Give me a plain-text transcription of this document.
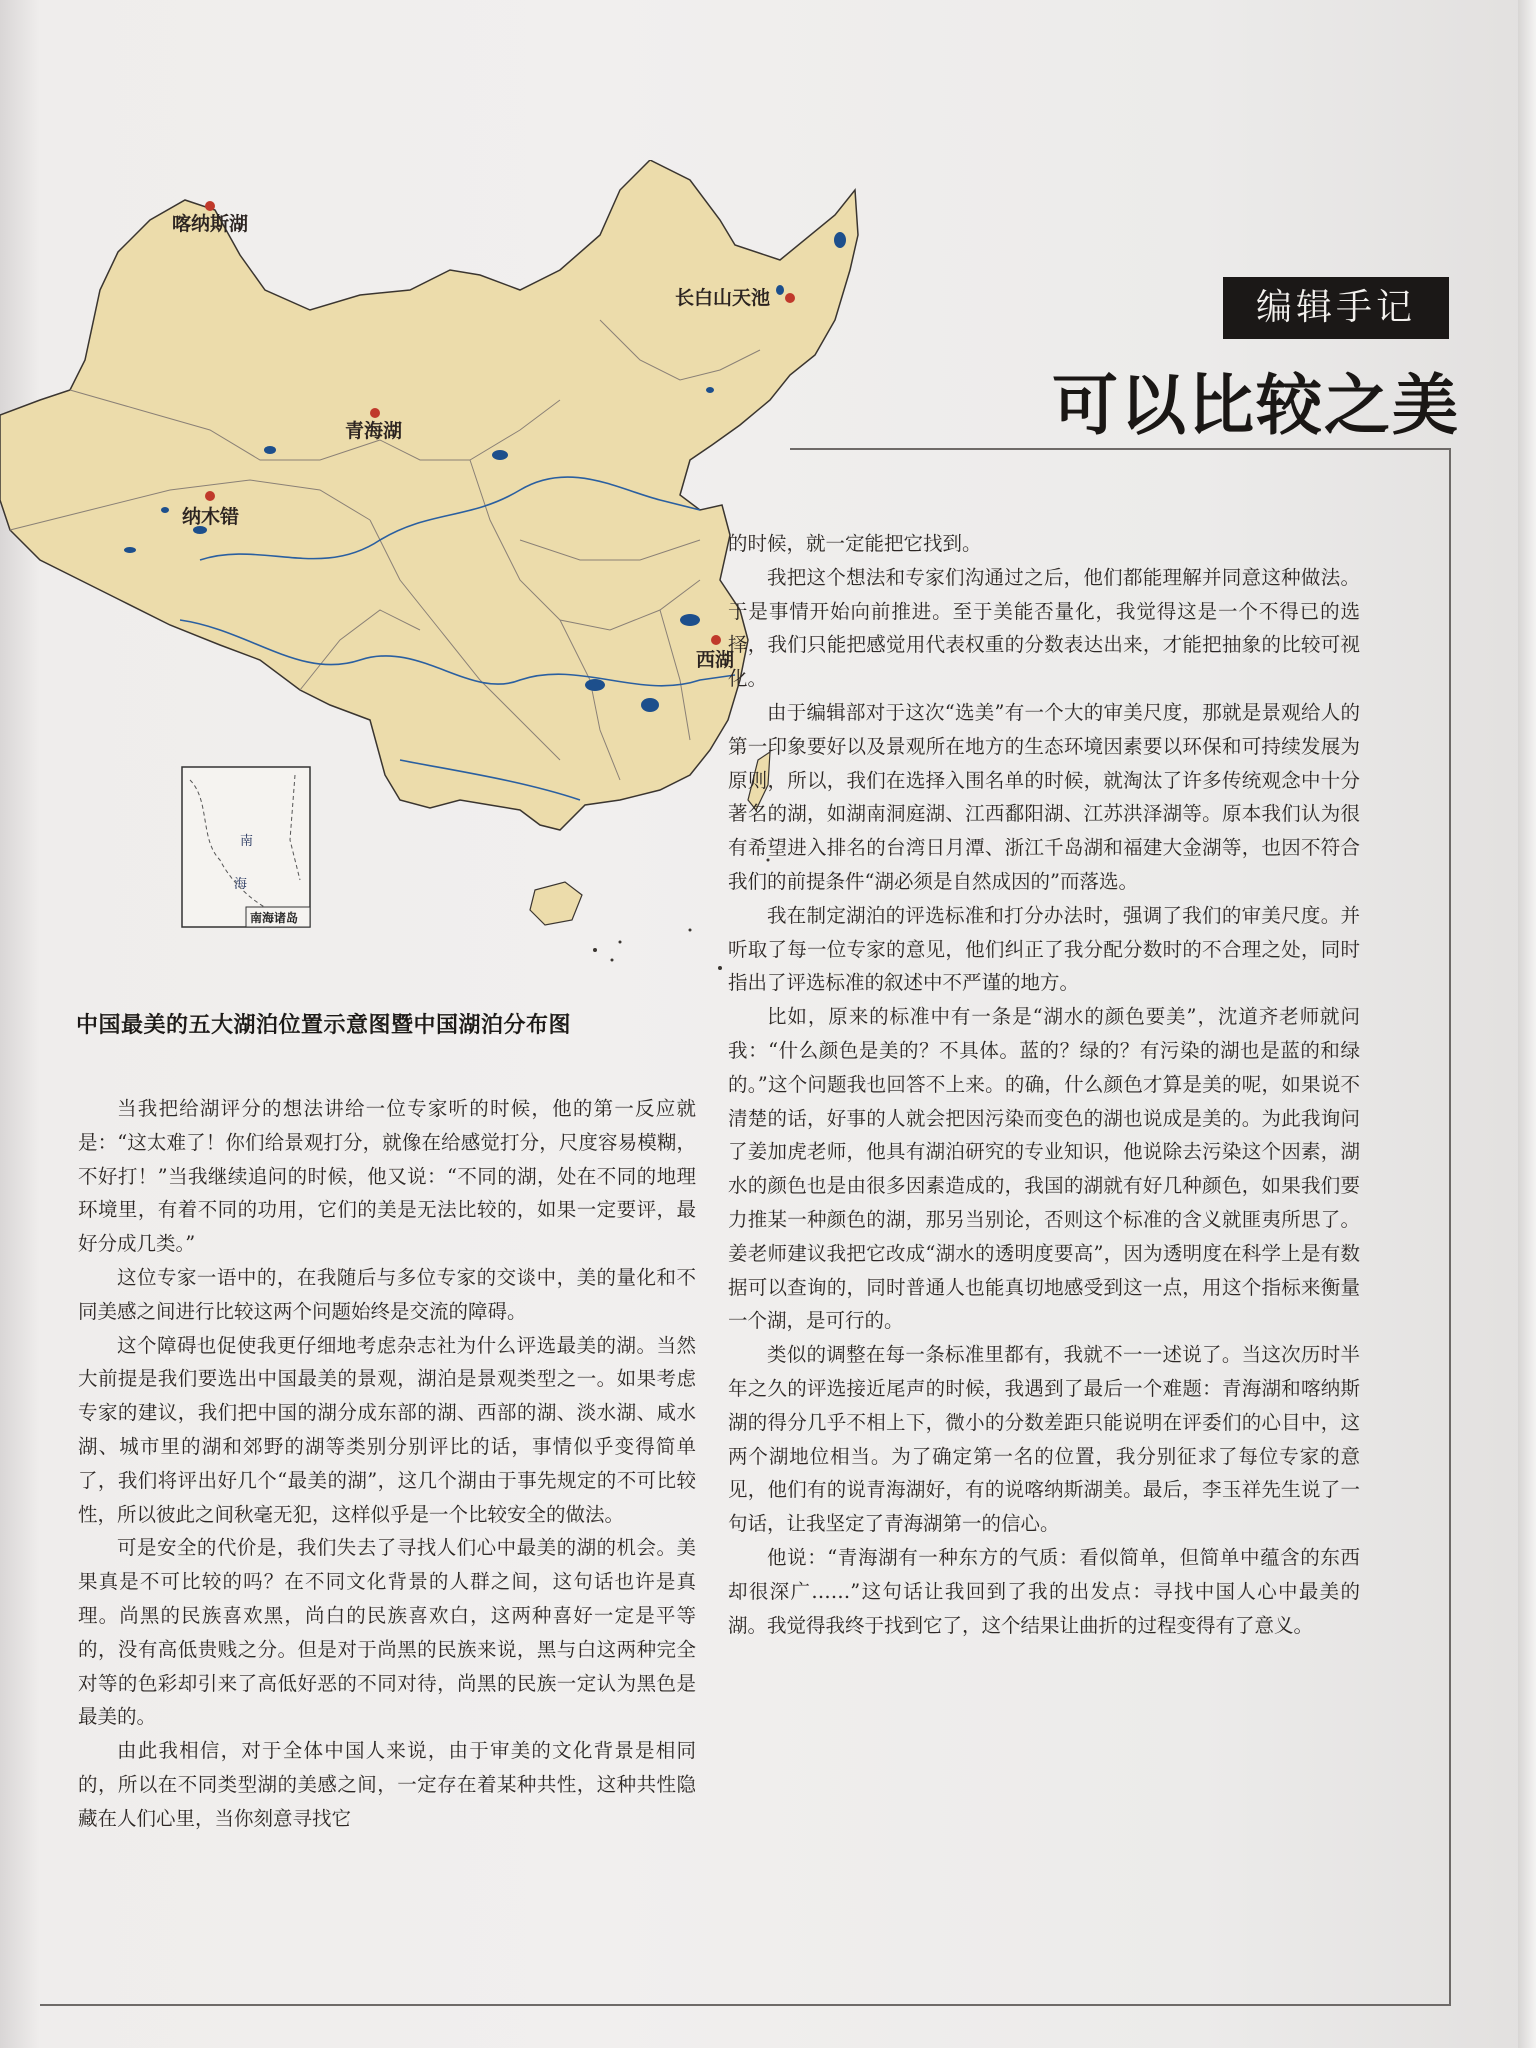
喀纳斯湖
长白山天池
青海湖
纳木错
西湖
南
海
南海诸岛
中国最美的五大湖泊位置示意图暨中国湖泊分布图
编辑手记
可以比较之美

当我把给湖评分的想法讲给一位专家听的时候，他的第一反应就是：“这太难了！你们给景观打分，就像在给感觉打分，尺度容易模糊，不好打！”当我继续追问的时候，他又说：“不同的湖，处在不同的地理环境里，有着不同的功用，它们的美是无法比较的，如果一定要评，最好分成几类。”

这位专家一语中的，在我随后与多位专家的交谈中，美的量化和不同美感之间进行比较这两个问题始终是交流的障碍。

这个障碍也促使我更仔细地考虑杂志社为什么评选最美的湖。当然大前提是我们要选出中国最美的景观，湖泊是景观类型之一。如果考虑专家的建议，我们把中国的湖分成东部的湖、西部的湖、淡水湖、咸水湖、城市里的湖和郊野的湖等类别分别评比的话，事情似乎变得简单了，我们将评出好几个“最美的湖”，这几个湖由于事先规定的不可比较性，所以彼此之间秋毫无犯，这样似乎是一个比较安全的做法。

可是安全的代价是，我们失去了寻找人们心中最美的湖的机会。美果真是不可比较的吗？在不同文化背景的人群之间，这句话也许是真理。尚黑的民族喜欢黑，尚白的民族喜欢白，这两种喜好一定是平等的，没有高低贵贱之分。但是对于尚黑的民族来说，黑与白这两种完全对等的色彩却引来了高低好恶的不同对待，尚黑的民族一定认为黑色是最美的。

由此我相信，对于全体中国人来说，由于审美的文化背景是相同的，所以在不同类型湖的美感之间，一定存在着某种共性，这种共性隐藏在人们心里，当你刻意寻找它

的时候，就一定能把它找到。

我把这个想法和专家们沟通过之后，他们都能理解并同意这种做法。于是事情开始向前推进。至于美能否量化，我觉得这是一个不得已的选择，我们只能把感觉用代表权重的分数表达出来，才能把抽象的比较可视化。

由于编辑部对于这次“选美”有一个大的审美尺度，那就是景观给人的第一印象要好以及景观所在地方的生态环境因素要以环保和可持续发展为原则，所以，我们在选择入围名单的时候，就淘汰了许多传统观念中十分著名的湖，如湖南洞庭湖、江西鄱阳湖、江苏洪泽湖等。原本我们认为很有希望进入排名的台湾日月潭、浙江千岛湖和福建大金湖等，也因不符合我们的前提条件“湖必须是自然成因的”而落选。

我在制定湖泊的评选标准和打分办法时，强调了我们的审美尺度。并听取了每一位专家的意见，他们纠正了我分配分数时的不合理之处，同时指出了评选标准的叙述中不严谨的地方。

比如，原来的标准中有一条是“湖水的颜色要美”，沈道齐老师就问我：“什么颜色是美的？不具体。蓝的？绿的？有污染的湖也是蓝的和绿的。”这个问题我也回答不上来。的确，什么颜色才算是美的呢，如果说不清楚的话，好事的人就会把因污染而变色的湖也说成是美的。为此我询问了姜加虎老师，他具有湖泊研究的专业知识，他说除去污染这个因素，湖水的颜色也是由很多因素造成的，我国的湖就有好几种颜色，如果我们要力推某一种颜色的湖，那另当别论，否则这个标准的含义就匪夷所思了。姜老师建议我把它改成“湖水的透明度要高”，因为透明度在科学上是有数据可以查询的，同时普通人也能真切地感受到这一点，用这个指标来衡量一个湖，是可行的。

类似的调整在每一条标准里都有，我就不一一述说了。当这次历时半年之久的评选接近尾声的时候，我遇到了最后一个难题：青海湖和喀纳斯湖的得分几乎不相上下，微小的分数差距只能说明在评委们的心目中，这两个湖地位相当。为了确定第一名的位置，我分别征求了每位专家的意见，他们有的说青海湖好，有的说喀纳斯湖美。最后，李玉祥先生说了一句话，让我坚定了青海湖第一的信心。

他说：“青海湖有一种东方的气质：看似简单，但简单中蕴含的东西却很深广……”这句话让我回到了我的出发点：寻找中国人心中最美的湖。我觉得我终于找到它了，这个结果让曲折的过程变得有了意义。
